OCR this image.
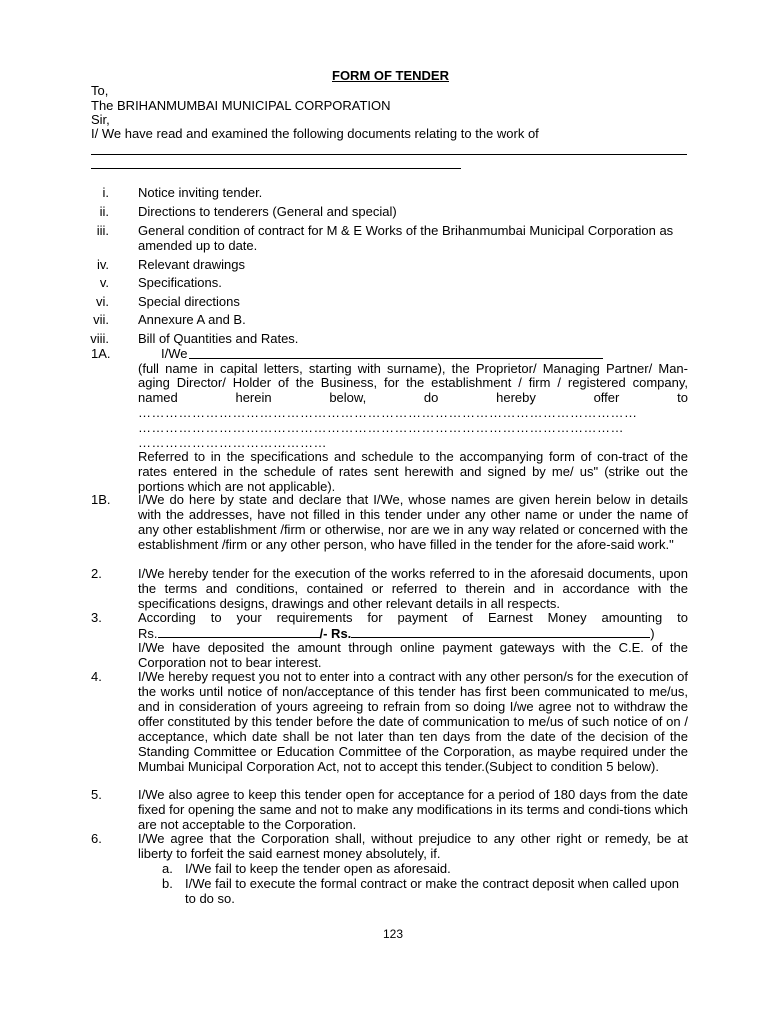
FORM OF TENDER
To,
The BRIHANMUMBAI MUNICIPAL CORPORATION
Sir,
I/ We have read and examined the following documents relating to the work of
i. Notice inviting tender.
ii. Directions to tenderers (General and special)
iii. General condition of contract for M & E Works of the Brihanmumbai Municipal Corporation as amended up to date.
iv. Relevant drawings
v. Specifications.
vi. Special directions
vii. Annexure A and B.
viii. Bill of Quantities and Rates.
1A.	I/We
(full name in capital letters, starting with surname), the Proprietor/ Managing Partner/ Man-
aging Director/ Holder of the Business, for the establishment / firm / registered company,
named	herein	below,	do	hereby	offer	to
…………………………………………………………………………………………………
………………………………………………………………………………………………
……………………………………
Referred to in the specifications and schedule to the accompanying form of con-tract of the rates entered in the schedule of rates sent herewith and signed by me/ us" (strike out the portions which are not applicable).
1B. I/We do here by state and declare that I/We, whose names are given herein below in details with the addresses, have not filled in this tender under any other name or under the name of any other establishment /firm or otherwise, nor are we in any way related or concerned with the establishment /firm or any other person, who have filled in the tender for the afore-said work."
2.	I/We hereby tender for the execution of the works referred to in the aforesaid documents, upon the terms and conditions, contained or referred to therein and in accordance with the specifications designs, drawings and other relevant details in all respects.
3.	According to your requirements for payment of Earnest Money amounting to
Rs.	/- Rs.	)
I/We have deposited the amount through online payment gateways with the C.E. of the Corporation not to bear interest.
4.	I/We hereby request you not to enter into a contract with any other person/s for the execution of the works until notice of non/acceptance of this tender has first been communicated to me/us, and in consideration of yours agreeing to refrain from so doing I/we agree not to withdraw the offer constituted by this tender before the date of communication to me/us of such notice of on / acceptance, which date shall be not later than ten days from the date of the decision of the Standing Committee or Education Committee of the Corporation, as maybe required under the Mumbai Municipal Corporation Act, not to accept this tender.(Subject to condition 5 below).
5.	I/We also agree to keep this tender open for acceptance for a period of 180 days from the date fixed for opening the same and not to make any modifications in its terms and condi-tions which are not acceptable to the Corporation.
6.	I/We agree that the Corporation shall, without prejudice to any other right or remedy, be at liberty to forfeit the said earnest money absolutely, if.
a. I/We fail to keep the tender open as aforesaid.
b. I/We fail to execute the formal contract or make the contract deposit when called upon to do so.
123
